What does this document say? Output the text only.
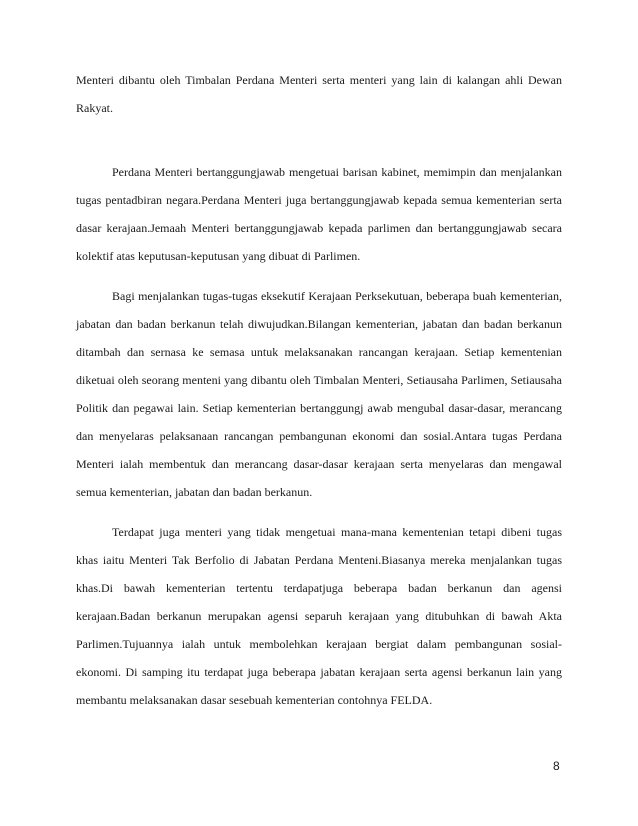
Menteri dibantu oleh Timbalan Perdana Menteri serta menteri yang lain di kalangan ahli Dewan Rakyat.

Perdana Menteri bertanggungjawab mengetuai barisan kabinet, memimpin dan menjalankan tugas pentadbiran negara.Perdana Menteri juga bertanggungjawab kepada semua kementerian serta dasar kerajaan.Jemaah Menteri bertanggungjawab kepada parlimen dan bertanggungjawab secara kolektif atas keputusan-keputusan yang dibuat di Parlimen.

Bagi menjalankan tugas-tugas eksekutif Kerajaan Perksekutuan, beberapa buah kementerian, jabatan dan badan berkanun telah diwujudkan.Bilangan kementerian, jabatan dan badan berkanun ditambah dan sernasa ke semasa untuk melaksanakan rancangan kerajaan. Setiap kementenian diketuai oleh seorang menteni yang dibantu oleh Timbalan Menteri, Setiausaha Parlimen, Setiausaha Politik dan pegawai lain. Setiap kementerian bertanggungj awab mengubal dasar-dasar, merancang dan menyelaras pelaksanaan rancangan pembangunan ekonomi dan sosial.Antara tugas Perdana Menteri ialah membentuk dan merancang dasar-dasar kerajaan serta menyelaras dan mengawal semua kementerian, jabatan dan badan berkanun.

Terdapat juga menteri yang tidak mengetuai mana-mana kementenian tetapi dibeni tugas khas iaitu Menteri Tak Berfolio di Jabatan Perdana Menteni.Biasanya mereka menjalankan tugas khas.Di bawah kementerian tertentu terdapatjuga beberapa badan berkanun dan agensi kerajaan.Badan berkanun merupakan agensi separuh kerajaan yang ditubuhkan di bawah Akta Parlimen.Tujuannya ialah untuk membolehkan kerajaan bergiat dalam pembangunan sosial-ekonomi. Di samping itu terdapat juga beberapa jabatan kerajaan serta agensi berkanun lain yang membantu melaksanakan dasar sesebuah kementerian contohnya FELDA.

8
